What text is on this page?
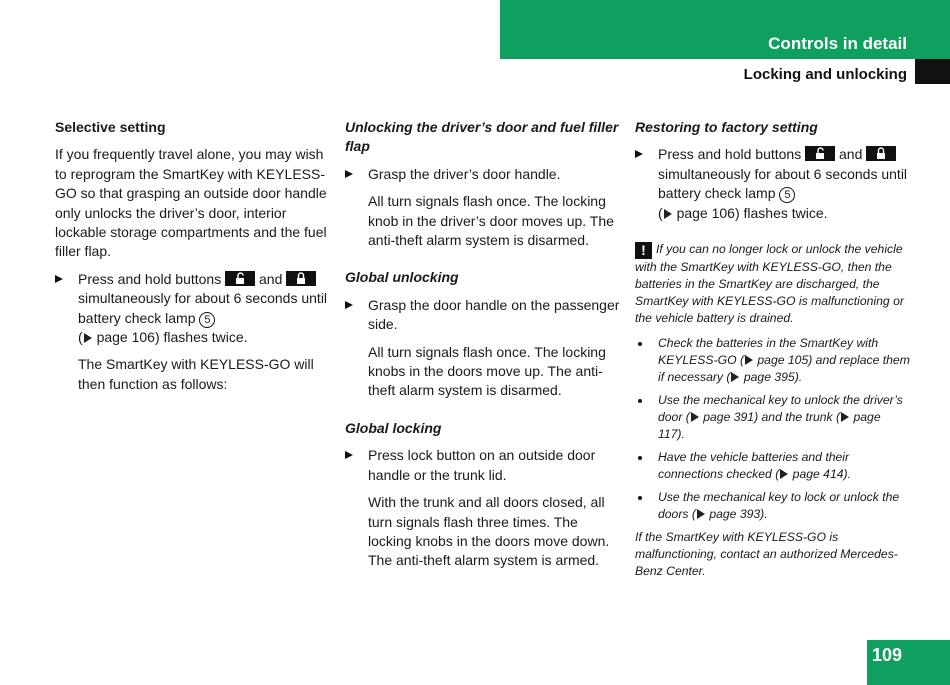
Controls in detail
Locking and unlocking
Selective setting

If you frequently travel alone, you may wish to reprogram the SmartKey with KEYLESS-GO so that grasping an outside door handle only unlocks the driver’s door, interior lockable storage compartments and the fuel filler flap.

Press and hold buttons	and
simultaneously for about 6 seconds until battery check lamp 5
( page 106) flashes twice.
The SmartKey with KEYLESS-GO will then function as follows:
Unlocking the driver’s door and fuel filler flap
Grasp the driver’s door handle.
All turn signals flash once. The locking knob in the driver’s door moves up. The anti-theft alarm system is disarmed.
Global unlocking
Grasp the door handle on the passenger side.
All turn signals flash once. The locking knobs in the doors move up. The anti-theft alarm system is disarmed.
Global locking
Press lock button on an outside door handle or the trunk lid.
With the trunk and all doors closed, all turn signals flash three times. The locking knobs in the doors move down. The anti-theft alarm system is armed.
Restoring to factory setting
Press and hold buttons	and
simultaneously for about 6 seconds until battery check lamp 5
( page 106) flashes twice.

! If you can no longer lock or unlock the vehicle with the SmartKey with KEYLESS-GO, then the batteries in the SmartKey are discharged, the SmartKey with KEYLESS-GO is malfunctioning or the vehicle battery is drained.

Check the batteries in the SmartKey with KEYLESS-GO ( page 105) and replace them if necessary ( page 395).
Use the mechanical key to unlock the driver’s door ( page 391) and the trunk ( page 117).
Have the vehicle batteries and their connections checked ( page 414).
Use the mechanical key to lock or unlock the doors ( page 393).

If the SmartKey with KEYLESS-GO is malfunctioning, contact an authorized Mercedes-Benz Center.

109
